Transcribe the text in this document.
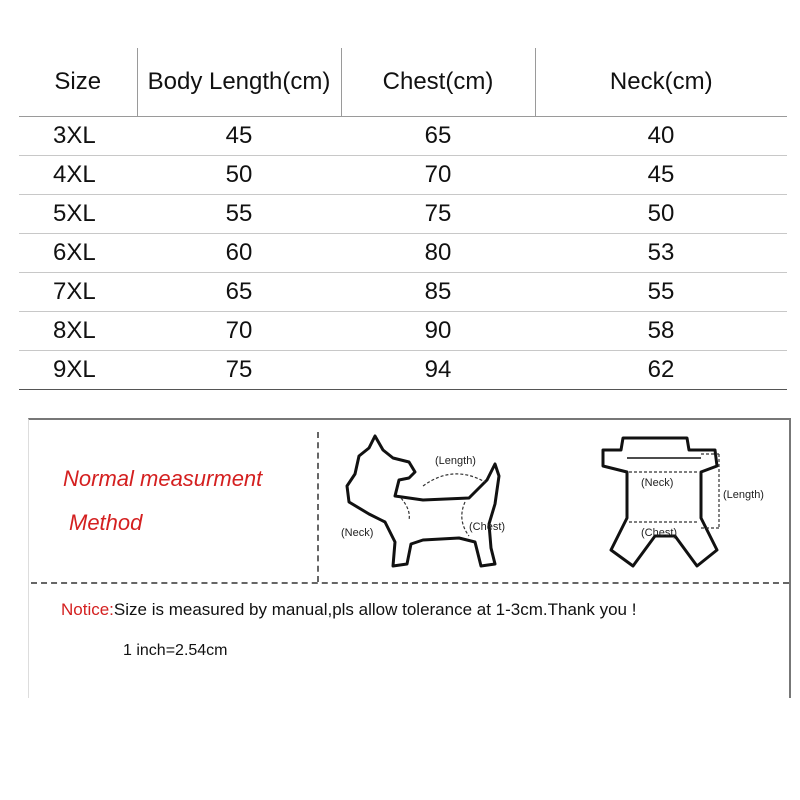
Size	Body Length(cm)	Chest(cm)	Neck(cm)
3XL	45	65	40
4XL	50	70	45
5XL	55	75	50
6XL	60	80	53
7XL	65	85	55
8XL	70	90	58
9XL	75	94	62
Normal measurment
Method
(Length)
(Neck)	(Chest)
(Neck)
(Length)
(Chest)
Notice:Size is measured by manual,pls allow tolerance at 1-3cm.Thank you !
1 inch=2.54cm
